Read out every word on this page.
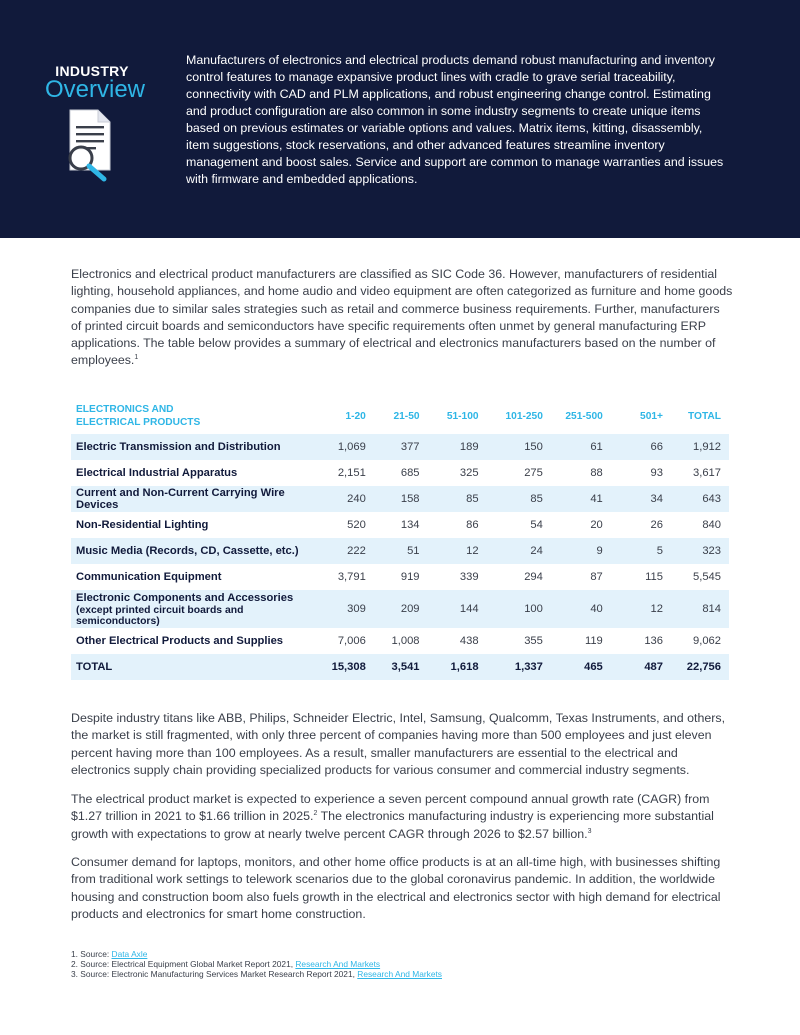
INDUSTRY
Overview
Manufacturers of electronics and electrical products demand robust manufacturing and inventory control features to manage expansive product lines with cradle to grave serial traceability, connectivity with CAD and PLM applications, and robust engineering change control. Estimating and product configuration are also common in some industry segments to create unique items based on previous estimates or variable options and values. Matrix items, kitting, disassembly, item suggestions, stock reservations, and other advanced features streamline inventory management and boost sales. Service and support are common to manage warranties and issues with firmware and embedded applications.
Electronics and electrical product manufacturers are classified as SIC Code 36. However, manufacturers of residential lighting, household appliances, and home audio and video equipment are often categorized as furniture and home goods companies due to similar sales strategies such as retail and commerce business requirements. Further, manufacturers of printed circuit boards and semiconductors have specific requirements often unmet by general manufacturing ERP applications. The table below provides a summary of electrical and electronics manufacturers based on the number of employees.$^1$
ELECTRONICS AND
ELECTRICAL PRODUCTS	1-20	21-50	51-100	101-250	251-500	501+	TOTAL
Electric Transmission and Distribution	1,069	377	189	150	61	66	1,912
Electrical Industrial Apparatus	2,151	685	325	275	88	93	3,617
Current and Non-Current Carrying Wire Devices	240	158	85	85	41	34	643
Non-Residential Lighting	520	134	86	54	20	26	840
Music Media (Records, CD, Cassette, etc.)	222	51	12	24	9	5	323
Communication Equipment	3,791	919	339	294	87	115	5,545
Electronic Components and Accessories
(except printed circuit boards and semiconductors)	309	209	144	100	40	12	814
Other Electrical Products and Supplies	7,006	1,008	438	355	119	136	9,062
TOTAL	15,308	3,541	1,618	1,337	465	487	22,756
Despite industry titans like ABB, Philips, Schneider Electric, Intel, Samsung, Qualcomm, Texas Instruments, and others, the market is still fragmented, with only three percent of companies having more than 500 employees and just eleven percent having more than 100 employees. As a result, smaller manufacturers are essential to the electrical and electronics supply chain providing specialized products for various consumer and commercial industry segments.
The electrical product market is expected to experience a seven percent compound annual growth rate (CAGR) from $1.27 trillion in 2021 to $1.66 trillion in 2025.$^2$ The electronics manufacturing industry is experiencing more substantial growth with expectations to grow at nearly twelve percent CAGR through 2026 to $2.57 billion.$^3$
Consumer demand for laptops, monitors, and other home office products is at an all-time high, with businesses shifting from traditional work settings to telework scenarios due to the global coronavirus pandemic. In addition, the worldwide housing and construction boom also fuels growth in the electrical and electronics sector with high demand for electrical products and electronics for smart home construction.
1. Source: Data Axle
2. Source: Electrical Equipment Global Market Report 2021, Research And Markets
3. Source: Electronic Manufacturing Services Market Research Report 2021, Research And Markets
